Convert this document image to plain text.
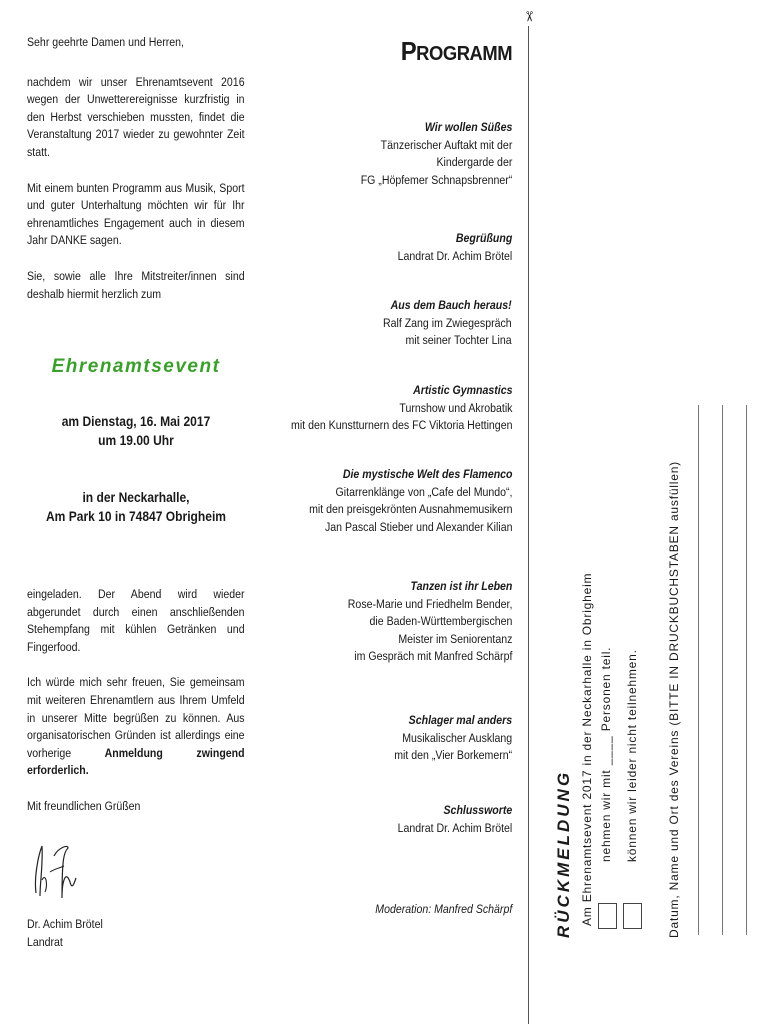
Sehr geehrte Damen und Herren,

nachdem wir unser Ehrenamtsevent 2016 wegen der Unwetterereignisse kurzfristig in den Herbst verschieben mussten, findet die Veranstaltung 2017 wieder zu gewohnter Zeit statt.

Mit einem bunten Programm aus Musik, Sport und guter Unterhaltung möchten wir für Ihr ehrenamtliches Engagement auch in diesem Jahr DANKE sagen.

Sie, sowie alle Ihre Mitstreiter/innen sind deshalb hiermit herzlich zum

Ehrenamtsevent
am Dienstag, 16. Mai 2017
um 19.00 Uhr
in der Neckarhalle,
Am Park 10 in 74847 Obrigheim

eingeladen. Der Abend wird wieder abgerundet durch einen anschließenden Stehempfang mit kühlen Getränken und Fingerfood.

Ich würde mich sehr freuen, Sie gemeinsam mit weiteren Ehrenamtlern aus Ihrem Umfeld in unserer Mitte begrüßen zu können. Aus organisatorischen Gründen ist allerdings eine vorherige	Anmeldung zwingend erforderlich.

Mit freundlichen Grüßen

Dr. Achim Brötel

Landrat

PROGRAMM
Wir wollen Süßes
Tänzerischer Auftakt mit der
Kindergarde der
FG „Höpfemer Schnapsbrenner“
Begrüßung
Landrat Dr. Achim Brötel
Aus dem Bauch heraus!
Ralf Zang im Zwiegespräch
mit seiner Tochter Lina
Artistic Gymnastics
Turnshow und Akrobatik
mit den Kunstturnern des FC Viktoria Hettingen
Die mystische Welt des Flamenco
Gitarrenklänge von „Cafe del Mundo“,
mit den preisgekrönten Ausnahmemusikern
Jan Pascal Stieber und Alexander Kilian
Tanzen ist ihr Leben
Rose-Marie und Friedhelm Bender,
die Baden-Württembergischen
Meister im Seniorentanz
im Gespräch mit Manfred Schärpf
Schlager mal anders
Musikalischer Ausklang
mit den „Vier Borkemern“
Schlussworte
Landrat Dr. Achim Brötel
Moderation: Manfred Schärpf
✂
RÜCKMELDUNG Am Ehrenamtsevent 2017 in der Neckarhalle in Obrigheim nehmen wir mit ____ Personen teil. können wir leider nicht teilnehmen. Datum, Name und Ort des Vereins (BITTE IN DRUCKBUCHSTABEN ausfüllen)
